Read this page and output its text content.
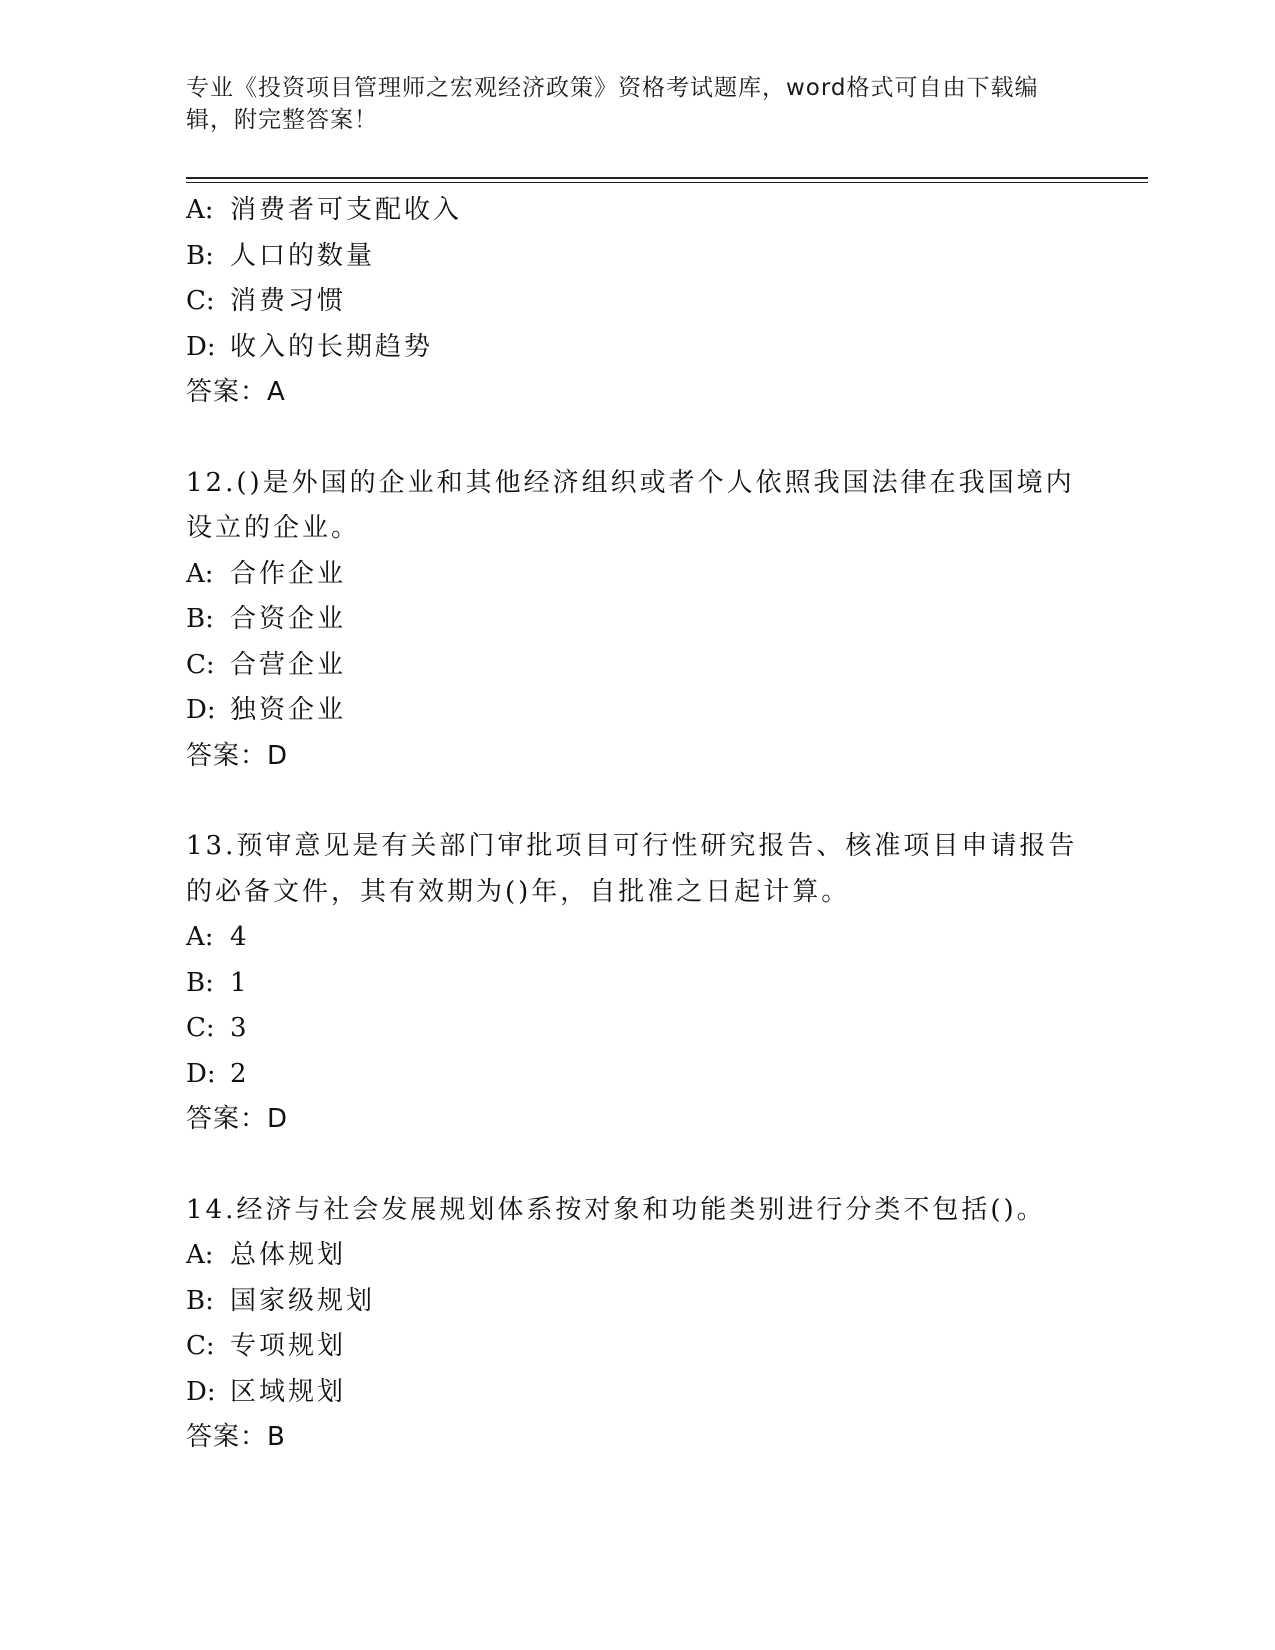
专业《投资项目管理师之宏观经济政策》资格考试题库，word格式可自由下载编
辑，附完整答案！
A: 消费者可支配收入
B: 人口的数量
C: 消费习惯
D: 收入的长期趋势
答案：A
12.()是外国的企业和其他经济组织或者个人依照我国法律在我国境内
设立的企业。
A: 合作企业
B: 合资企业
C: 合营企业
D: 独资企业
答案：D
13.预审意见是有关部门审批项目可行性研究报告、核准项目申请报告
的必备文件，其有效期为()年，自批准之日起计算。
A: 4
B: 1
C: 3
D: 2
答案：D
14.经济与社会发展规划体系按对象和功能类别进行分类不包括()。
A: 总体规划
B: 国家级规划
C: 专项规划
D: 区域规划
答案：B
